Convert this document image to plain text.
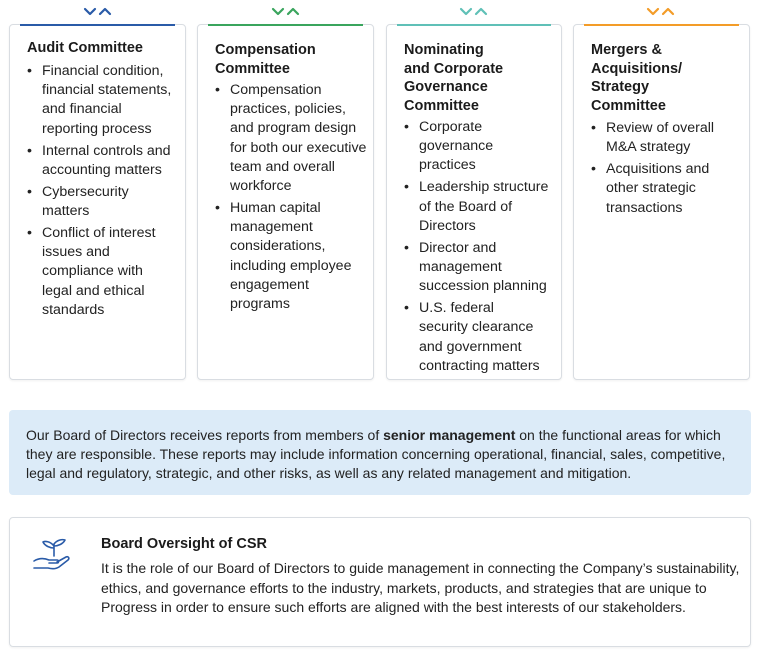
Audit Committee
• Financial condition,
financial statements,
and financial
reporting process
• Internal controls and
accounting matters
• Cybersecurity
matters
• Conflict of interest
issues and
compliance with
legal and ethical
standards
Compensation
Committee
• Compensation
practices, policies,
and program design
for both our executive
team and overall
workforce
• Human capital
management
considerations,
including employee
engagement
programs
Nominating
and Corporate
Governance
Committee
• Corporate
governance
practices
• Leadership structure
of the Board of
Directors
• Director and
management
succession planning
• U.S. federal
security clearance
and government
contracting matters
Mergers &
Acquisitions/
Strategy
Committee
• Review of overall
M&A strategy
• Acquisitions and
other strategic
transactions
Our Board of Directors receives reports from members of senior management on the functional areas for which they are responsible. These reports may include information concerning operational, financial, sales, competitive, legal and regulatory, strategic, and other risks, as well as any related management and mitigation.
Board Oversight of CSR

It is the role of our Board of Directors to guide management in connecting the Company’s sustainability, ethics, and governance efforts to the industry, markets, products, and strategies that are unique to Progress in order to ensure such efforts are aligned with the best interests of our stakeholders.
